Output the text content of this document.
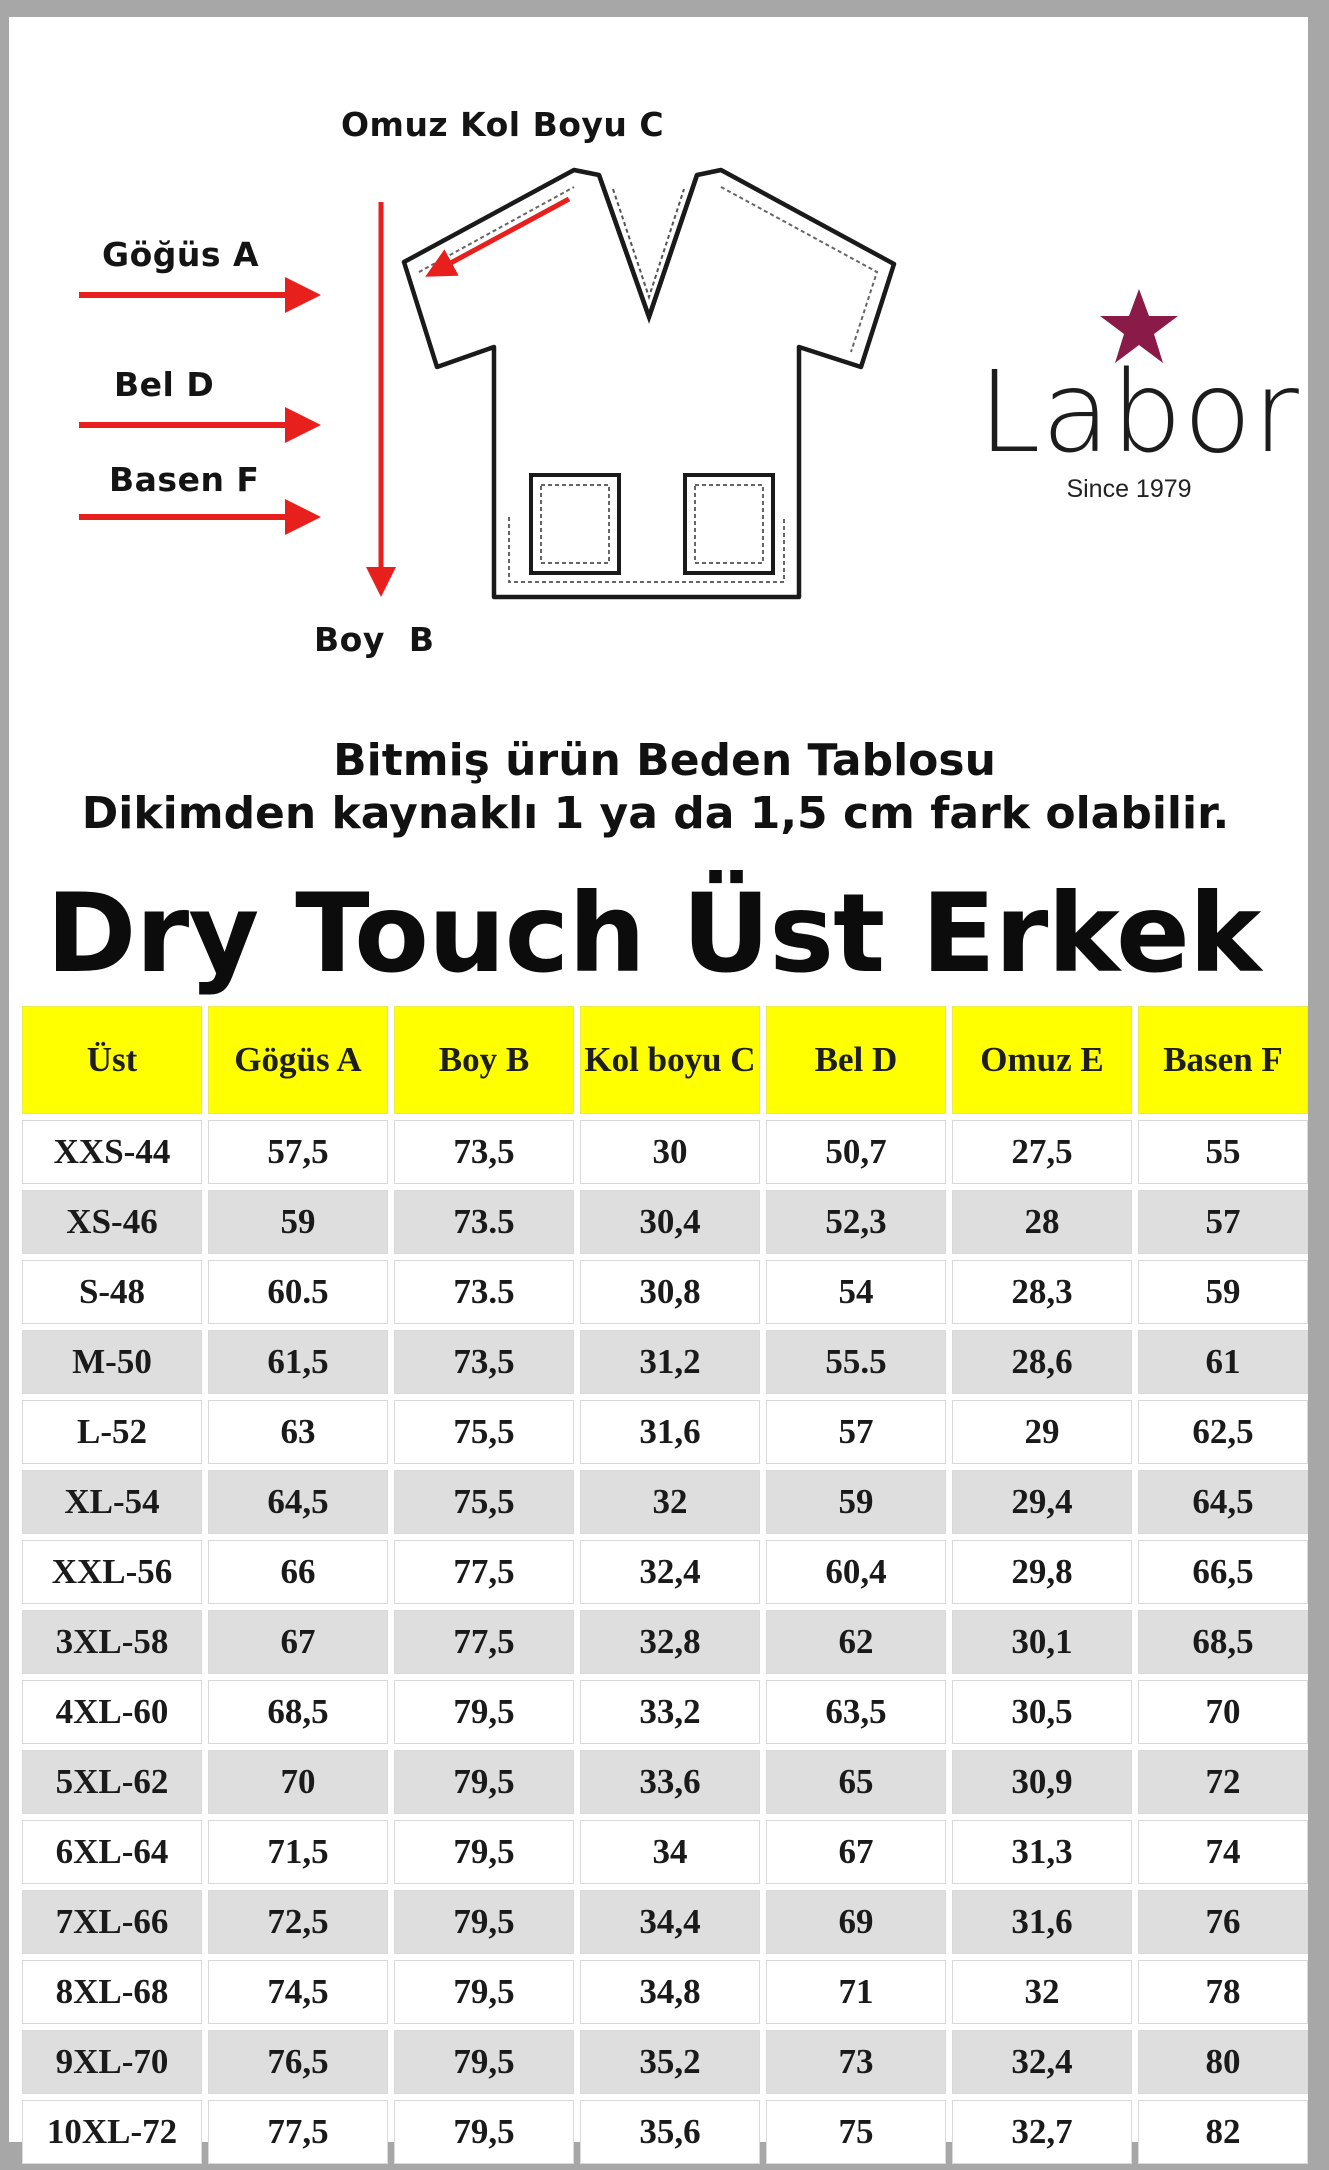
Omuz Kol Boyu C
Göğüs A
Bel D
Basen F
Boy  B
Labor
Since 1979
Bitmiş ürün Beden Tablosu
Dikimden kaynaklı 1 ya da 1,5 cm fark olabilir.
Dry Touch Üst Erkek
Üst	Gögüs A	Boy B	Kol boyu C	Bel D	Omuz E	Basen F
XXS-44	57,5	73,5	30	50,7	27,5	55
XS-46	59	73.5	30,4	52,3	28	57
S-48	60.5	73.5	30,8	54	28,3	59
M-50	61,5	73,5	31,2	55.5	28,6	61
L-52	63	75,5	31,6	57	29	62,5
XL-54	64,5	75,5	32	59	29,4	64,5
XXL-56	66	77,5	32,4	60,4	29,8	66,5
3XL-58	67	77,5	32,8	62	30,1	68,5
4XL-60	68,5	79,5	33,2	63,5	30,5	70
5XL-62	70	79,5	33,6	65	30,9	72
6XL-64	71,5	79,5	34	67	31,3	74
7XL-66	72,5	79,5	34,4	69	31,6	76
8XL-68	74,5	79,5	34,8	71	32	78
9XL-70	76,5	79,5	35,2	73	32,4	80
10XL-72	77,5	79,5	35,6	75	32,7	82
